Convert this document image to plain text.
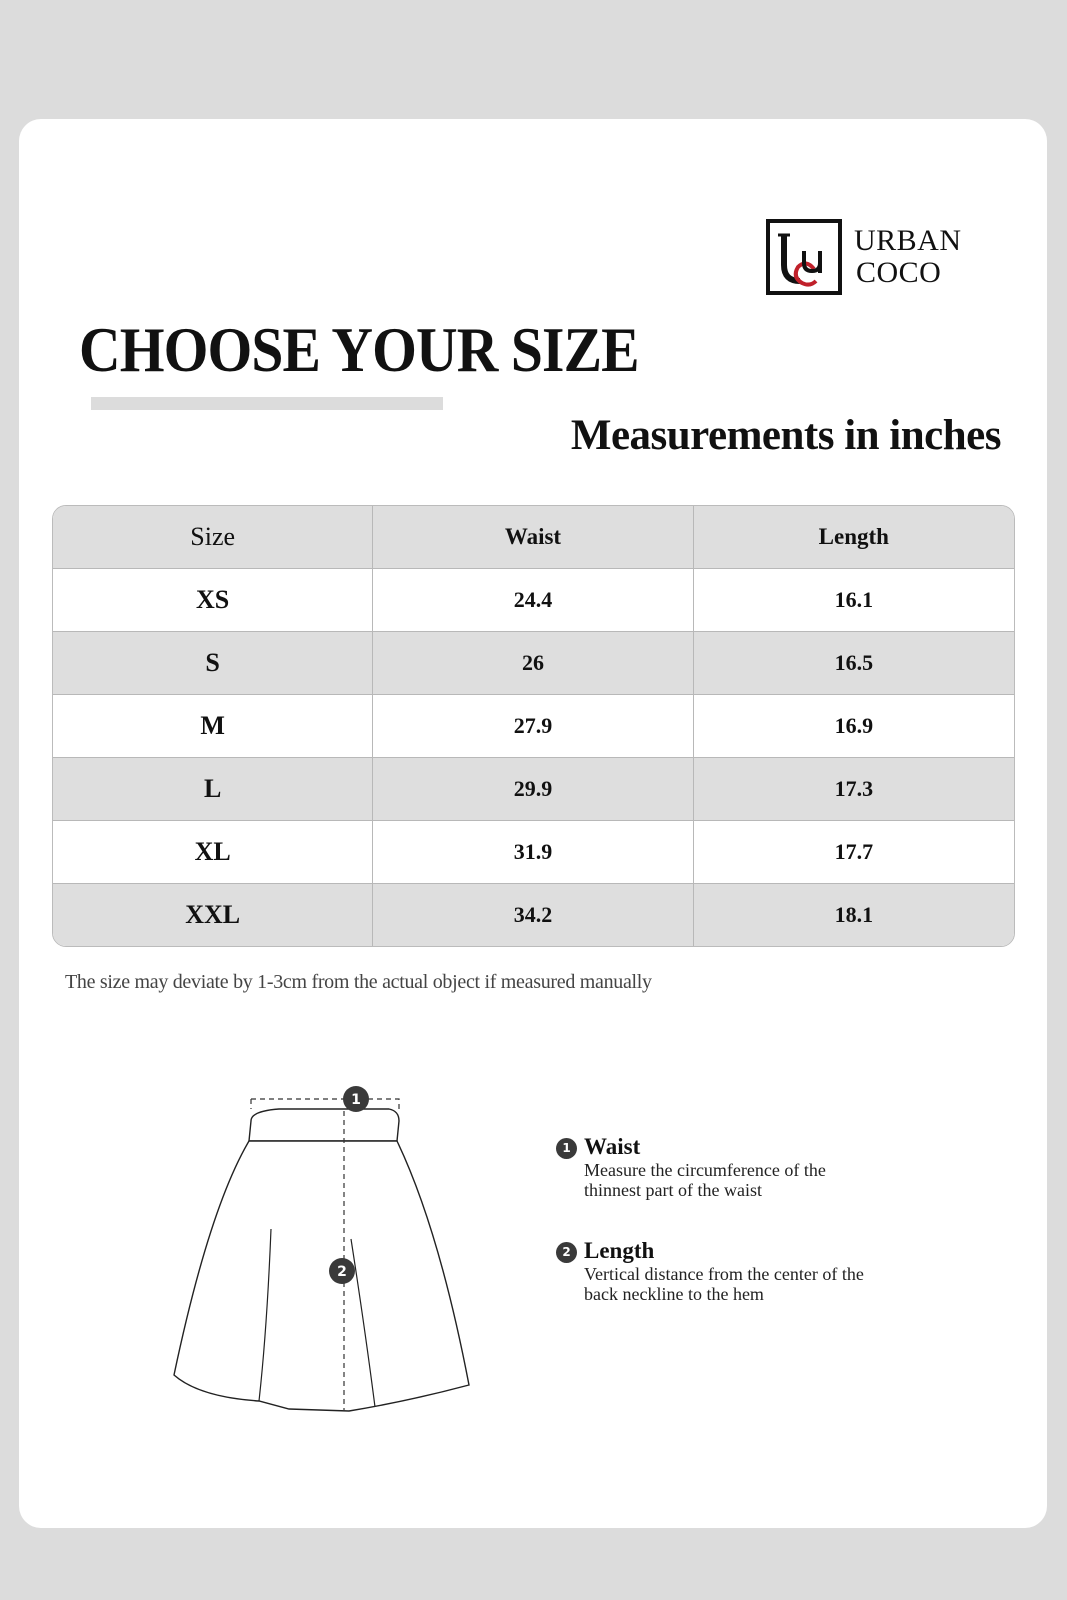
URBAN
COCO
CHOOSE YOUR SIZE
Measurements in inches
Size	Waist	Length
XS	24.4	16.1
S	26	16.5
M	27.9	16.9
L	29.9	17.3
XL	31.9	17.7
XXL	34.2	18.1

The size may deviate by 1-3cm from the actual object if measured manually

1
2
1 Waist
Measure the circumference of the
thinnest part of the waist
2 Length
Vertical distance from the center of the
back neckline to the hem
